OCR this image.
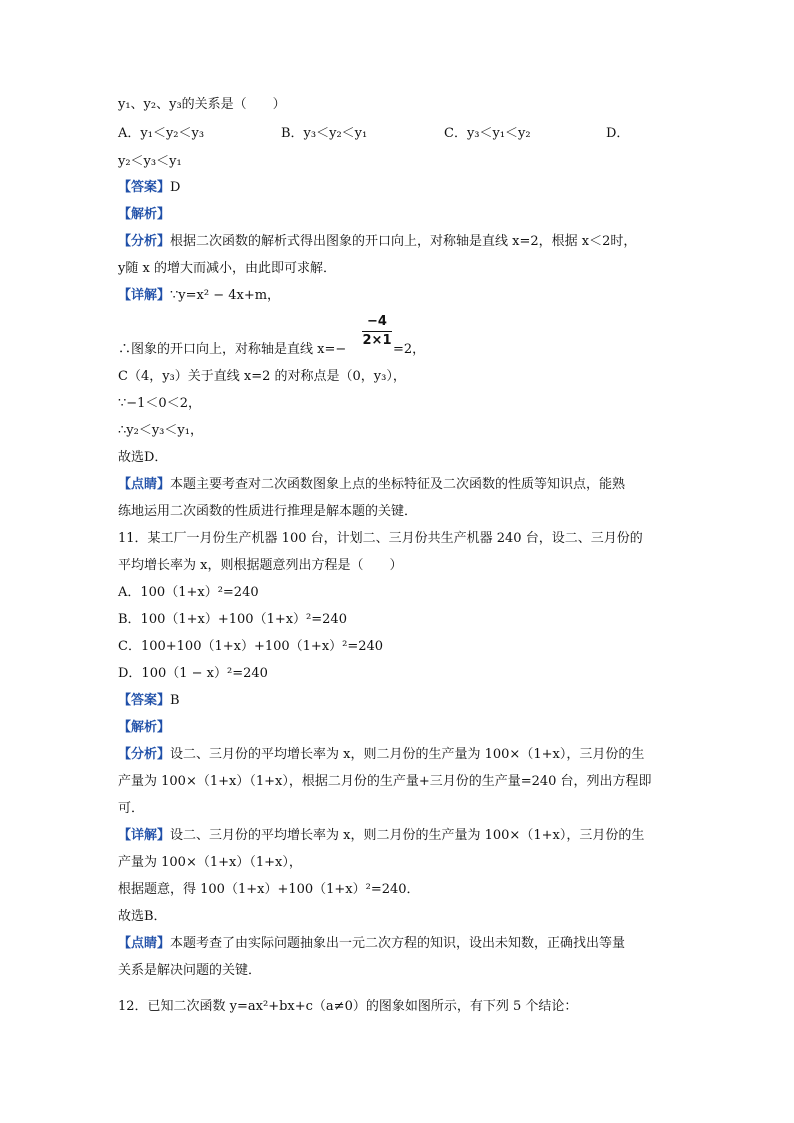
y₁、y₂、y₃的关系是（　　）
A．y₁＜y₂＜y₃	B．y₃＜y₂＜y₁	C．y₃＜y₁＜y₂	D．
y₂＜y₃＜y₁
【答案】D
【解析】
【分析】根据二次函数的解析式得出图象的开口向上，对称轴是直线 x=2，根据 x＜2时，
y随 x 的增大而减小，由此即可求解．
【详解】∵y=x² − 4x+m，
−4
2×1
∴图象的开口向上，对称轴是直线 x=−	=2，
C（4，y₃）关于直线 x=2 的对称点是（0，y₃），
∵−1＜0＜2，
∴y₂＜y₃＜y₁，
故选D．
【点睛】本题主要考查对二次函数图象上点的坐标特征及二次函数的性质等知识点，能熟
练地运用二次函数的性质进行推理是解本题的关键．
11．某工厂一月份生产机器 100 台，计划二、三月份共生产机器 240 台，设二、三月份的
平均增长率为 x，则根据题意列出方程是（　　）
A．100（1+x）²=240
B．100（1+x）+100（1+x）²=240
C．100+100（1+x）+100（1+x）²=240
D．100（1 − x）²=240
【答案】B
【解析】
【分析】设二、三月份的平均增长率为 x，则二月份的生产量为 100×（1+x），三月份的生
产量为 100×（1+x）（1+x），根据二月份的生产量+三月份的生产量=240 台，列出方程即
可．
【详解】设二、三月份的平均增长率为 x，则二月份的生产量为 100×（1+x），三月份的生
产量为 100×（1+x）（1+x），
根据题意，得 100（1+x）+100（1+x）²=240．
故选B．
【点睛】本题考查了由实际问题抽象出一元二次方程的知识，设出未知数，正确找出等量
关系是解决问题的关键．
12．已知二次函数 y=ax²+bx+c（a≠0）的图象如图所示，有下列 5 个结论：
